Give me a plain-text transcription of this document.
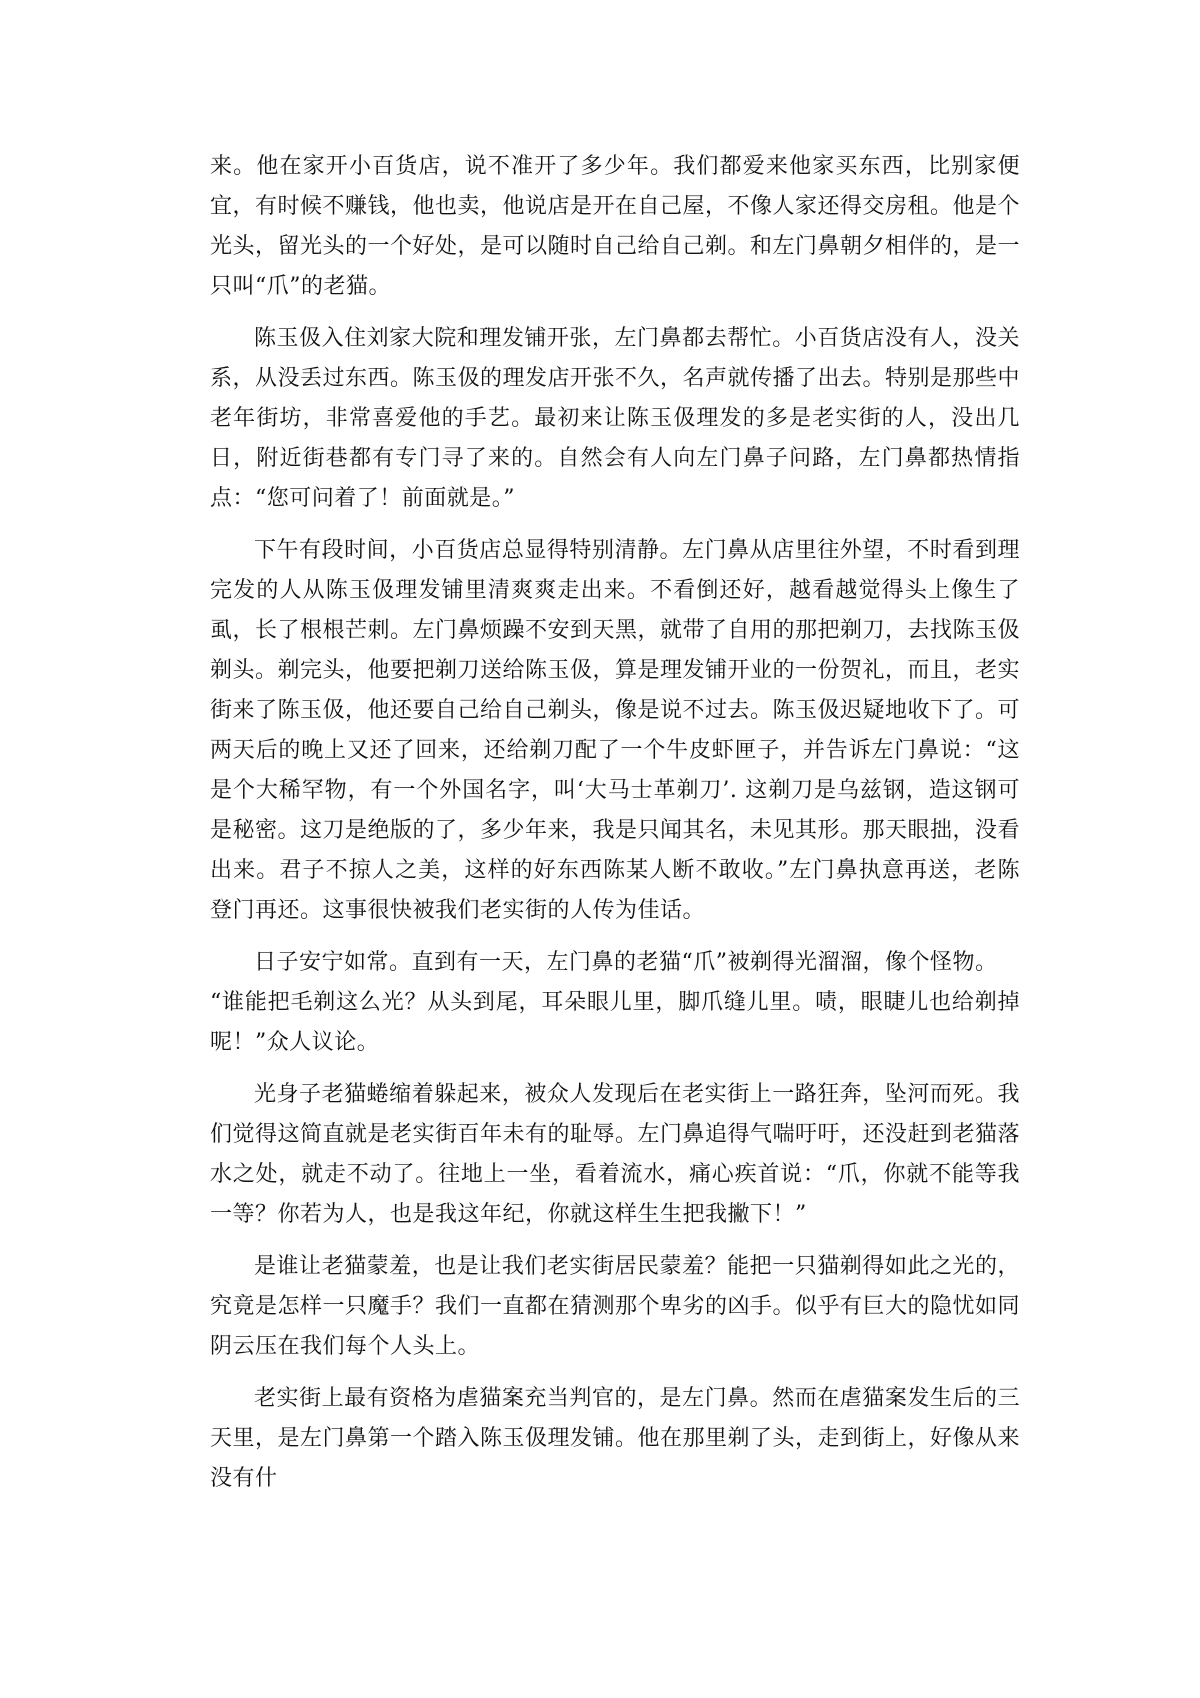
来。他在家开小百货店，说不准开了多少年。我们都爱来他家买东西，比别家便宜，有时候不赚钱，他也卖，他说店是开在自己屋，不像人家还得交房租。他是个光头，留光头的一个好处，是可以随时自己给自己剃。和左门鼻朝夕相伴的，是一只叫“爪”的老猫。

陈玉伋入住刘家大院和理发铺开张，左门鼻都去帮忙。小百货店没有人，没关系，从没丢过东西。陈玉伋的理发店开张不久，名声就传播了出去。特别是那些中老年街坊，非常喜爱他的手艺。最初来让陈玉伋理发的多是老实街的人，没出几日，附近街巷都有专门寻了来的。自然会有人向左门鼻子问路，左门鼻都热情指点：“您可问着了！前面就是。”

下午有段时间，小百货店总显得特别清静。左门鼻从店里往外望，不时看到理完发的人从陈玉伋理发铺里清爽爽走出来。不看倒还好，越看越觉得头上像生了虱，长了根根芒刺。左门鼻烦躁不安到天黑，就带了自用的那把剃刀，去找陈玉伋剃头。剃完头，他要把剃刀送给陈玉伋，算是理发铺开业的一份贺礼，而且，老实街来了陈玉伋，他还要自己给自己剃头，像是说不过去。陈玉伋迟疑地收下了。可两天后的晚上又还了回来，还给剃刀配了一个牛皮虾匣子，并告诉左门鼻说：“这是个大稀罕物，有一个外国名字，叫‘大马士革剃刀’. 这剃刀是乌兹钢，造这钢可是秘密。这刀是绝版的了，多少年来，我是只闻其名，未见其形。那天眼拙，没看出来。君子不掠人之美，这样的好东西陈某人断不敢收。”左门鼻执意再送，老陈登门再还。这事很快被我们老实街的人传为佳话。

日子安宁如常。直到有一天，左门鼻的老猫“爪”被剃得光溜溜，像个怪物。

“谁能把毛剃这么光？从头到尾，耳朵眼儿里，脚爪缝儿里。啧，眼睫儿也给剃掉呢！”众人议论。

光身子老猫蜷缩着躲起来，被众人发现后在老实街上一路狂奔，坠河而死。我们觉得这简直就是老实街百年未有的耻辱。左门鼻追得气喘吁吁，还没赶到老猫落水之处，就走不动了。往地上一坐，看着流水，痛心疾首说：“爪，你就不能等我一等？你若为人，也是我这年纪，你就这样生生把我撇下！”

是谁让老猫蒙羞，也是让我们老实街居民蒙羞？能把一只猫剃得如此之光的，究竟是怎样一只魔手？我们一直都在猜测那个卑劣的凶手。似乎有巨大的隐忧如同阴云压在我们每个人头上。

老实街上最有资格为虐猫案充当判官的，是左门鼻。然而在虐猫案发生后的三天里，是左门鼻第一个踏入陈玉伋理发铺。他在那里剃了头，走到街上，好像从来没有什
